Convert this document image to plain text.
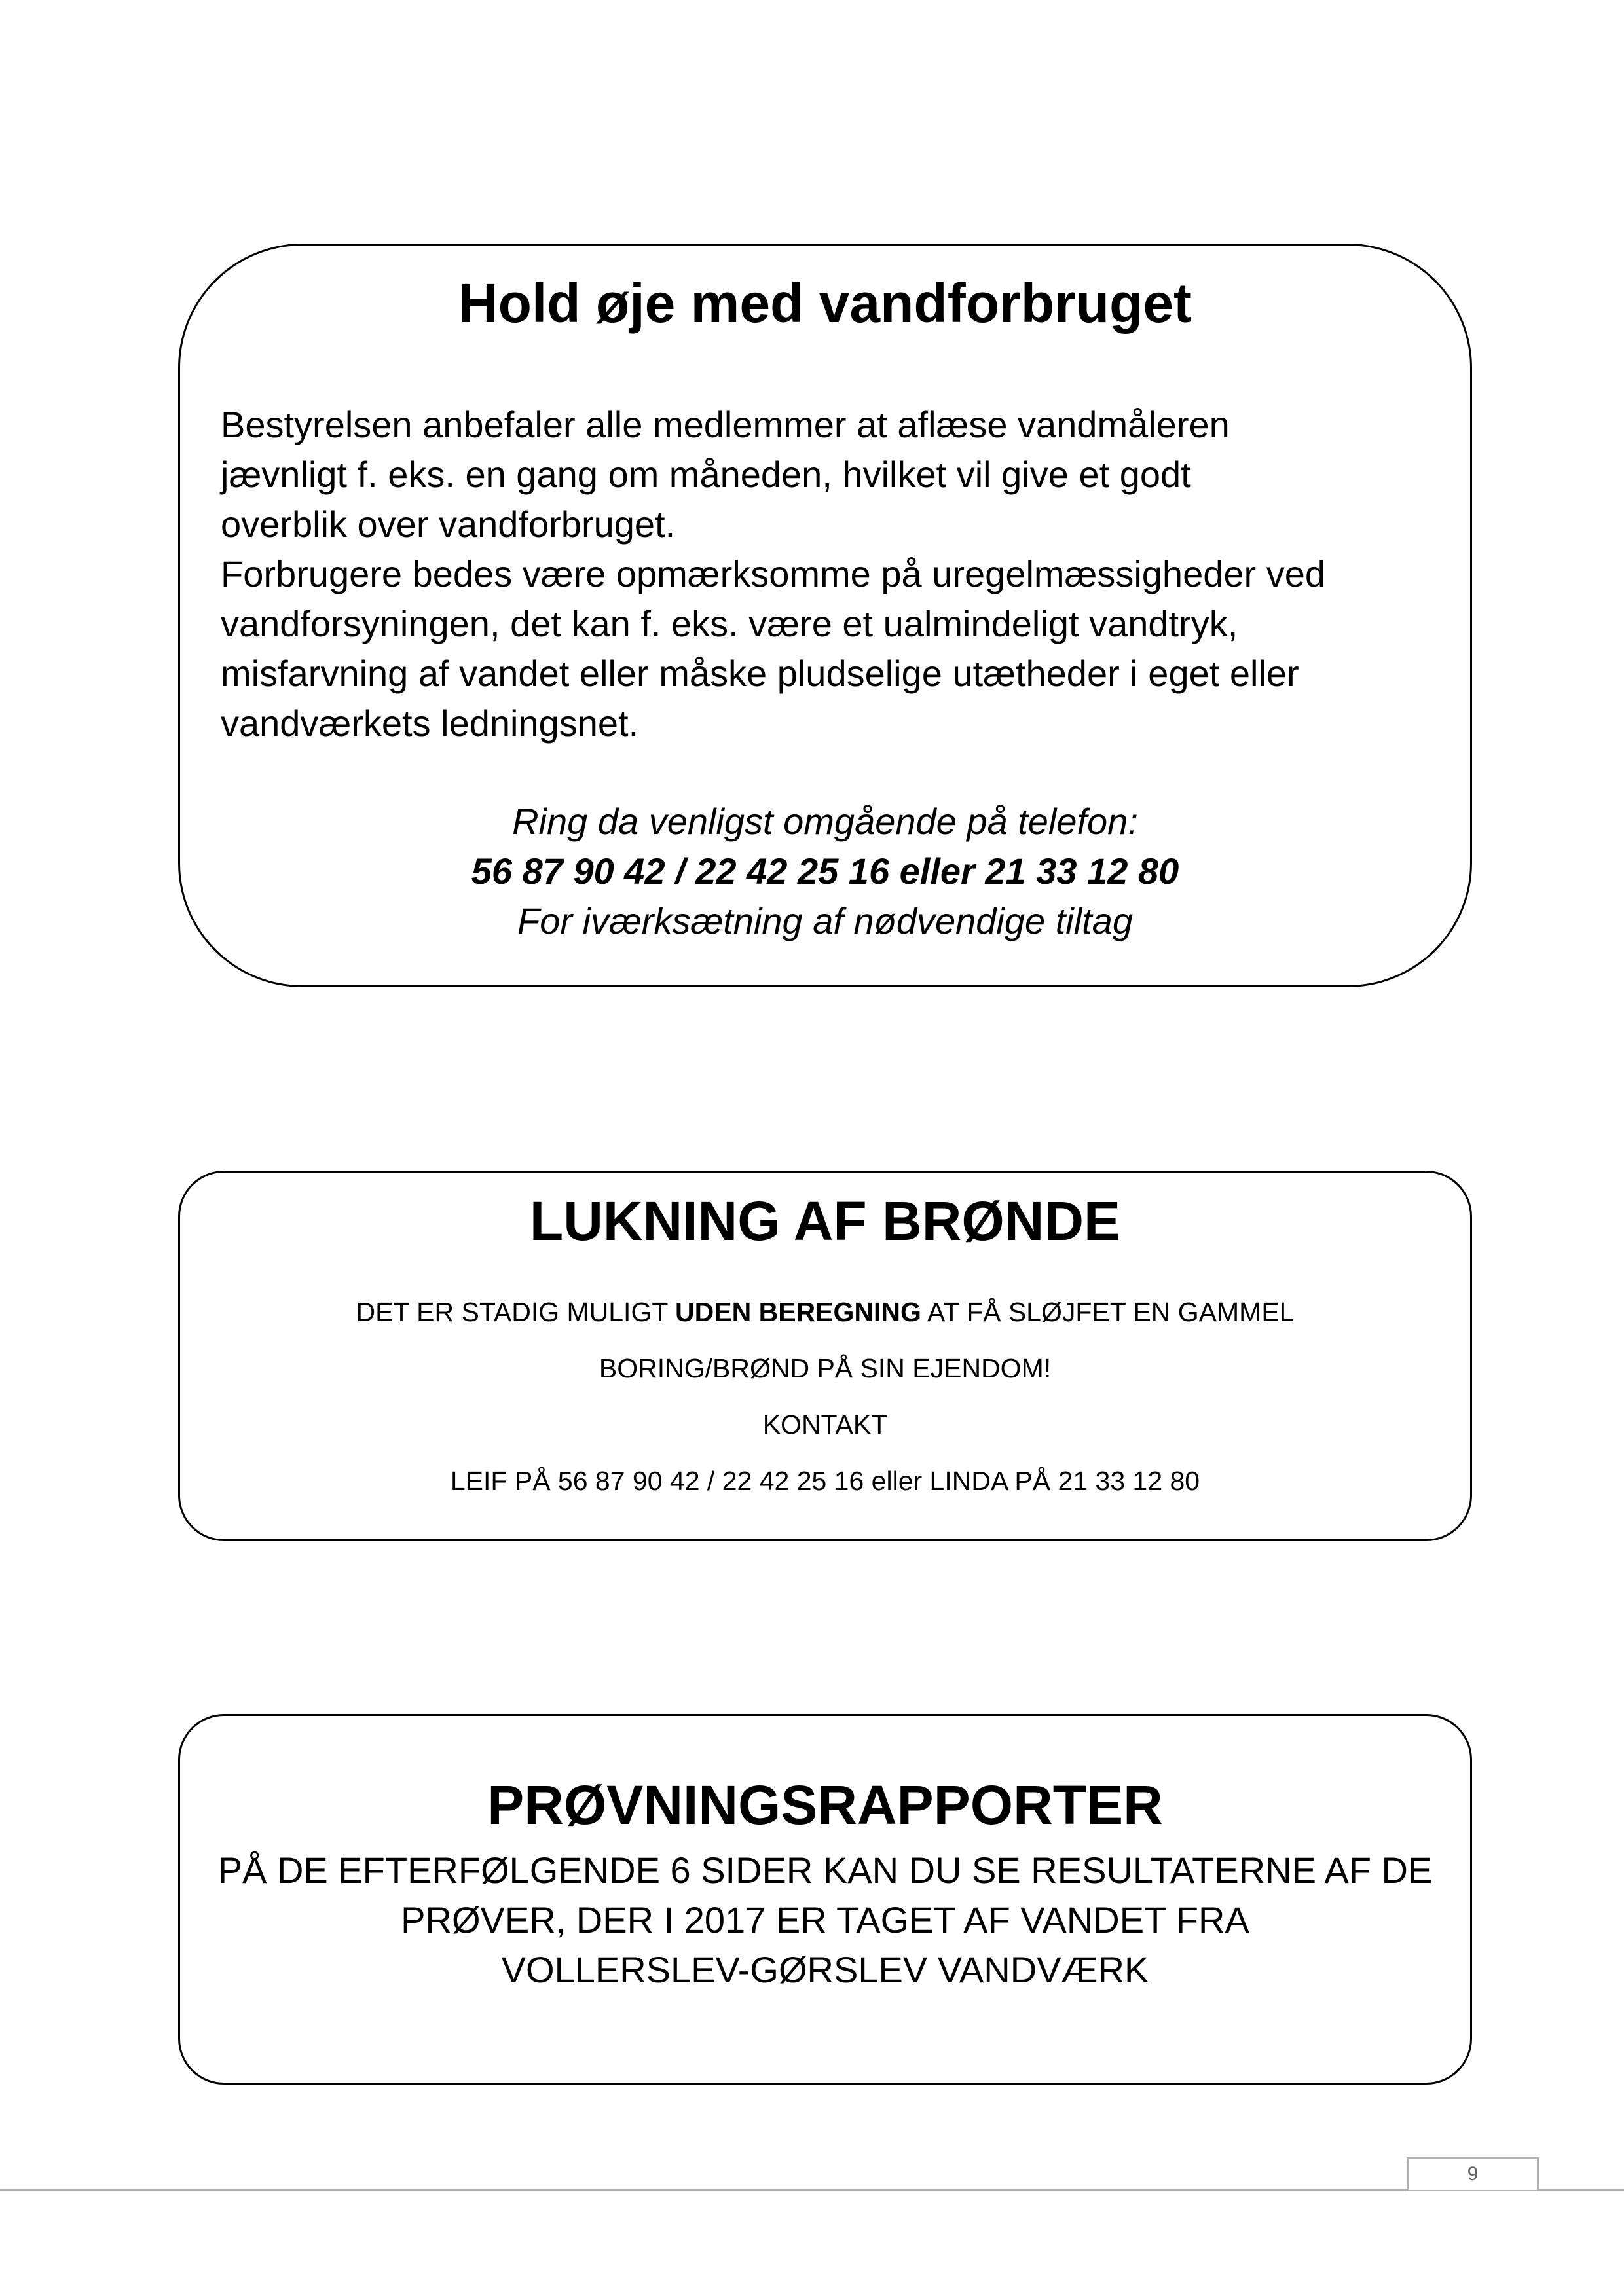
Hold øje med vandforbruget

Bestyrelsen anbefaler alle medlemmer at aflæse vandmåleren
jævnligt f. eks. en gang om måneden, hvilket vil give et godt
overblik over vandforbruget.

Forbrugere bedes være opmærksomme på uregelmæssigheder ved
vandforsyningen, det kan f. eks. være et ualmindeligt vandtryk,
misfarvning af vandet eller måske pludselige utætheder i eget eller
vandværkets ledningsnet.

Ring da venligst omgående på telefon:
56 87 90 42 / 22 42 25 16 eller 21 33 12 80
For iværksætning af nødvendige tiltag
LUKNING AF BRØNDE
DET ER STADIG MULIGT UDEN BEREGNING AT FÅ SLØJFET EN GAMMEL
BORING/BRØND PÅ SIN EJENDOM!
KONTAKT
LEIF PÅ 56 87 90 42 / 22 42 25 16 eller LINDA PÅ 21 33 12 80
PRØVNINGSRAPPORTER
PÅ DE EFTERFØLGENDE 6 SIDER KAN DU SE RESULTATERNE AF DE
PRØVER, DER I 2017 ER TAGET AF VANDET FRA
VOLLERSLEV-GØRSLEV VANDVÆRK
9
